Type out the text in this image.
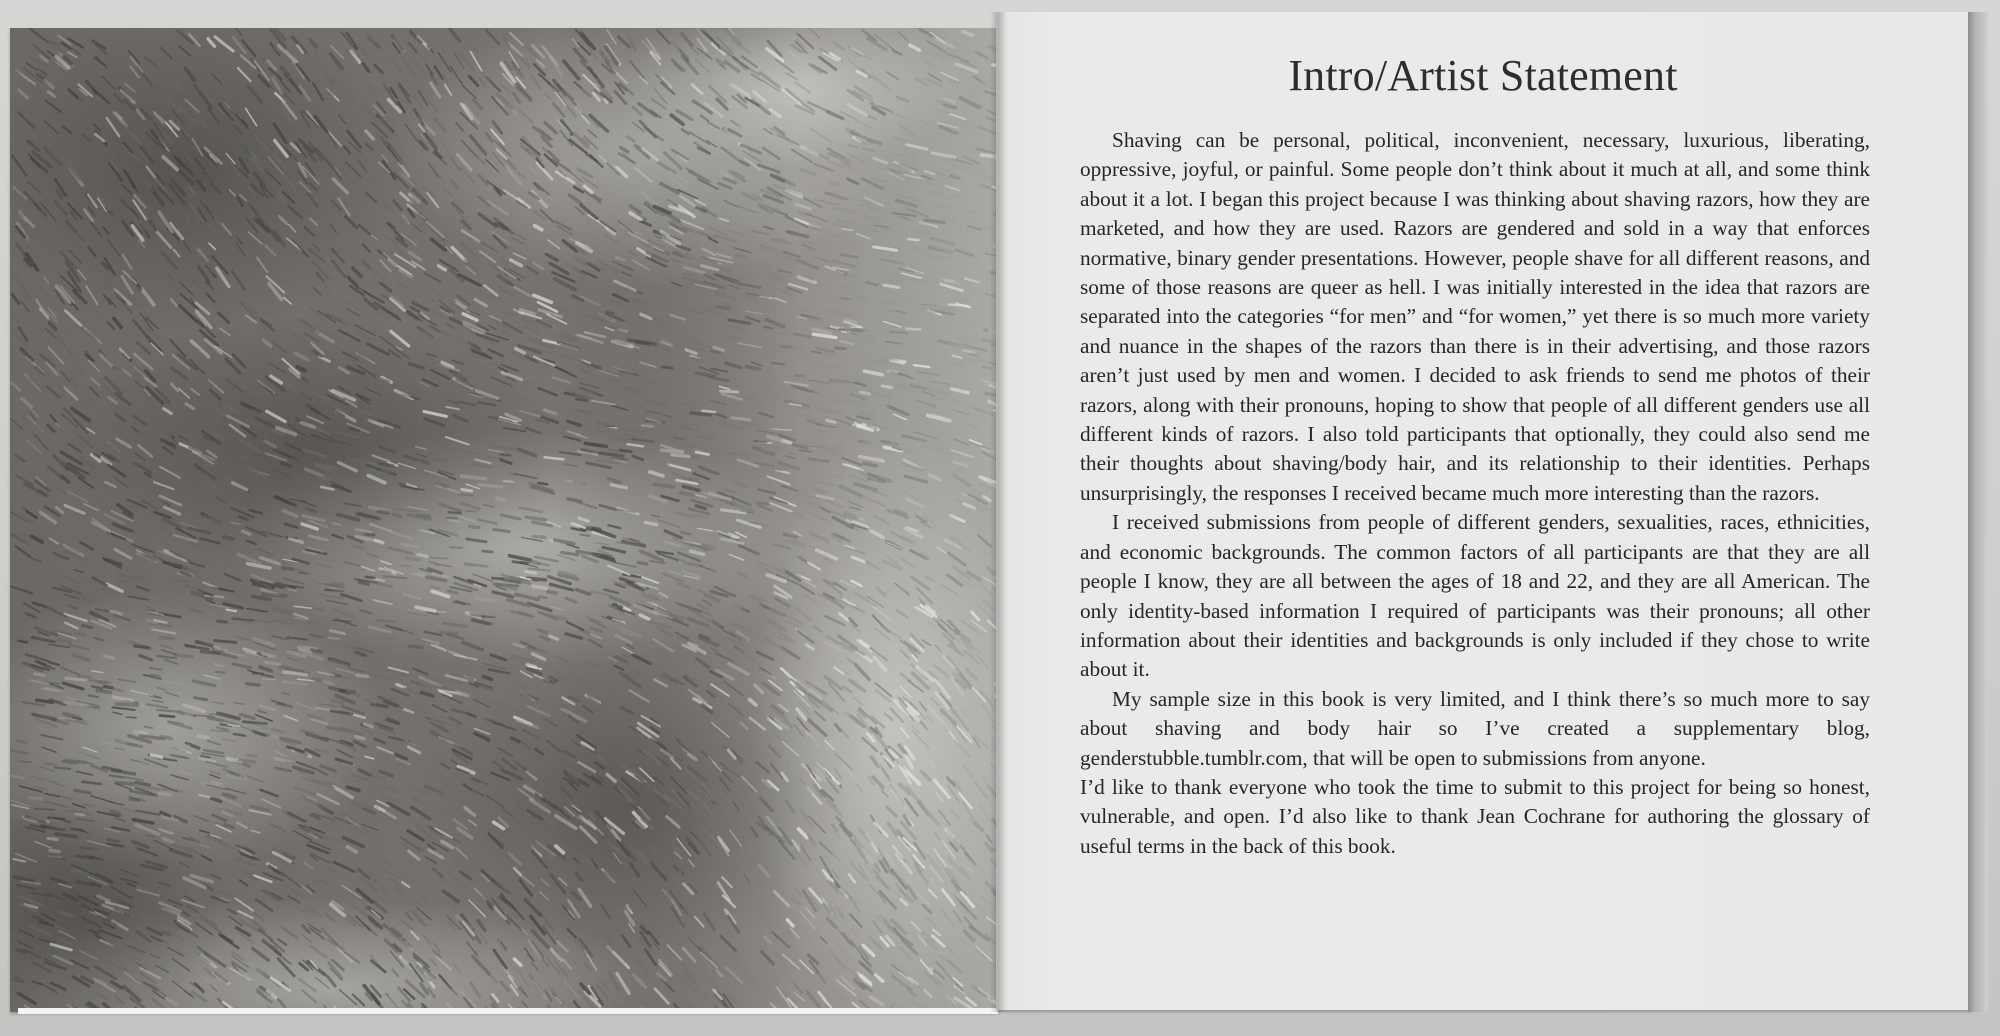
Intro/Artist Statement

Shaving can be personal, political, inconvenient, necessary, luxurious, liberating, oppressive, joyful, or painful. Some people don’t think about it much at all, and some think about it a lot. I began this project because I was thinking about shaving razors, how they are marketed, and how they are used. Razors are gendered and sold in a way that enforces normative, binary gender presentations. However, people shave for all different reasons, and some of those reasons are queer as hell. I was initially interested in the idea that razors are separated into the categories “for men” and “for women,” yet there is so much more variety and nuance in the shapes of the razors than there is in their advertising, and those razors aren’t just used by men and women. I decided to ask friends to send me photos of their razors, along with their pronouns, hoping to show that people of all different genders use all different kinds of razors. I also told participants that optionally, they could also send me their thoughts about shaving/body hair, and its relationship to their identities. Perhaps unsurprisingly, the responses I received became much more interesting than the razors.

I received submissions from people of different genders, sexualities, races, ethnicities, and economic backgrounds. The common factors of all participants are that they are all people I know, they are all between the ages of 18 and 22, and they are all American. The only identity-based information I required of participants was their pronouns; all other information about their identities and backgrounds is only included if they chose to write about it.

My sample size in this book is very limited, and I think there’s so much more to say about shaving and body hair so I’ve created a supplementary blog, genderstubble.tumblr.com, that will be open to submissions from anyone.

I’d like to thank everyone who took the time to submit to this project for being so honest, vulnerable, and open. I’d also like to thank Jean Cochrane for authoring the glossary of useful terms in the back of this book.
